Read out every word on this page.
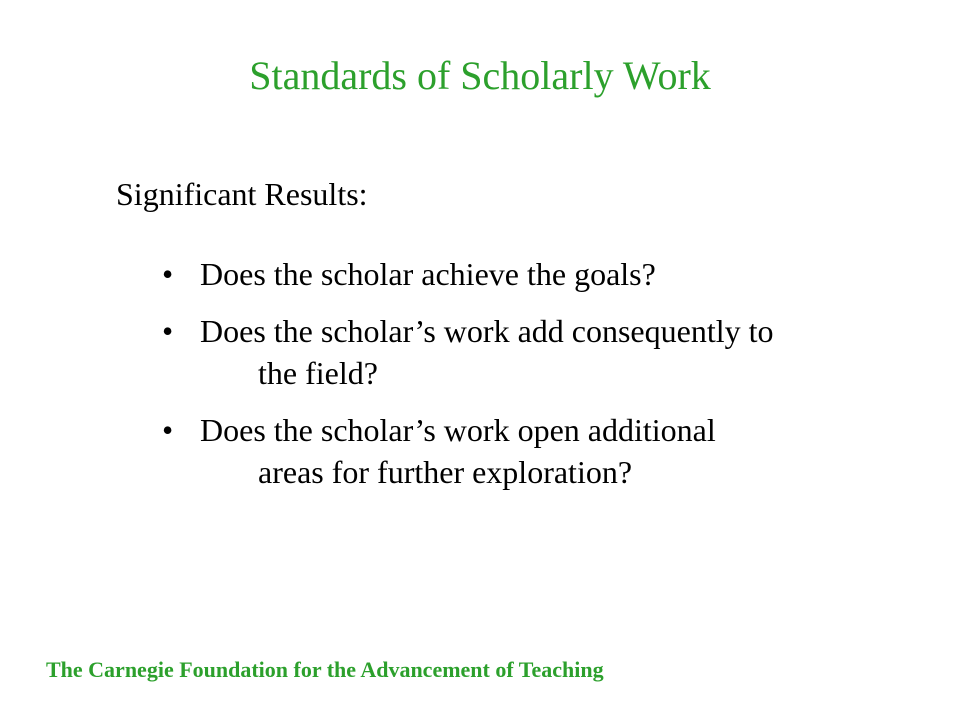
Standards of Scholarly Work

Significant Results:

• Does the scholar achieve the goals?
• Does the scholar’s work add consequently to
the field?
• Does the scholar’s work open additional
areas for further exploration?

The Carnegie Foundation for the Advancement of Teaching
